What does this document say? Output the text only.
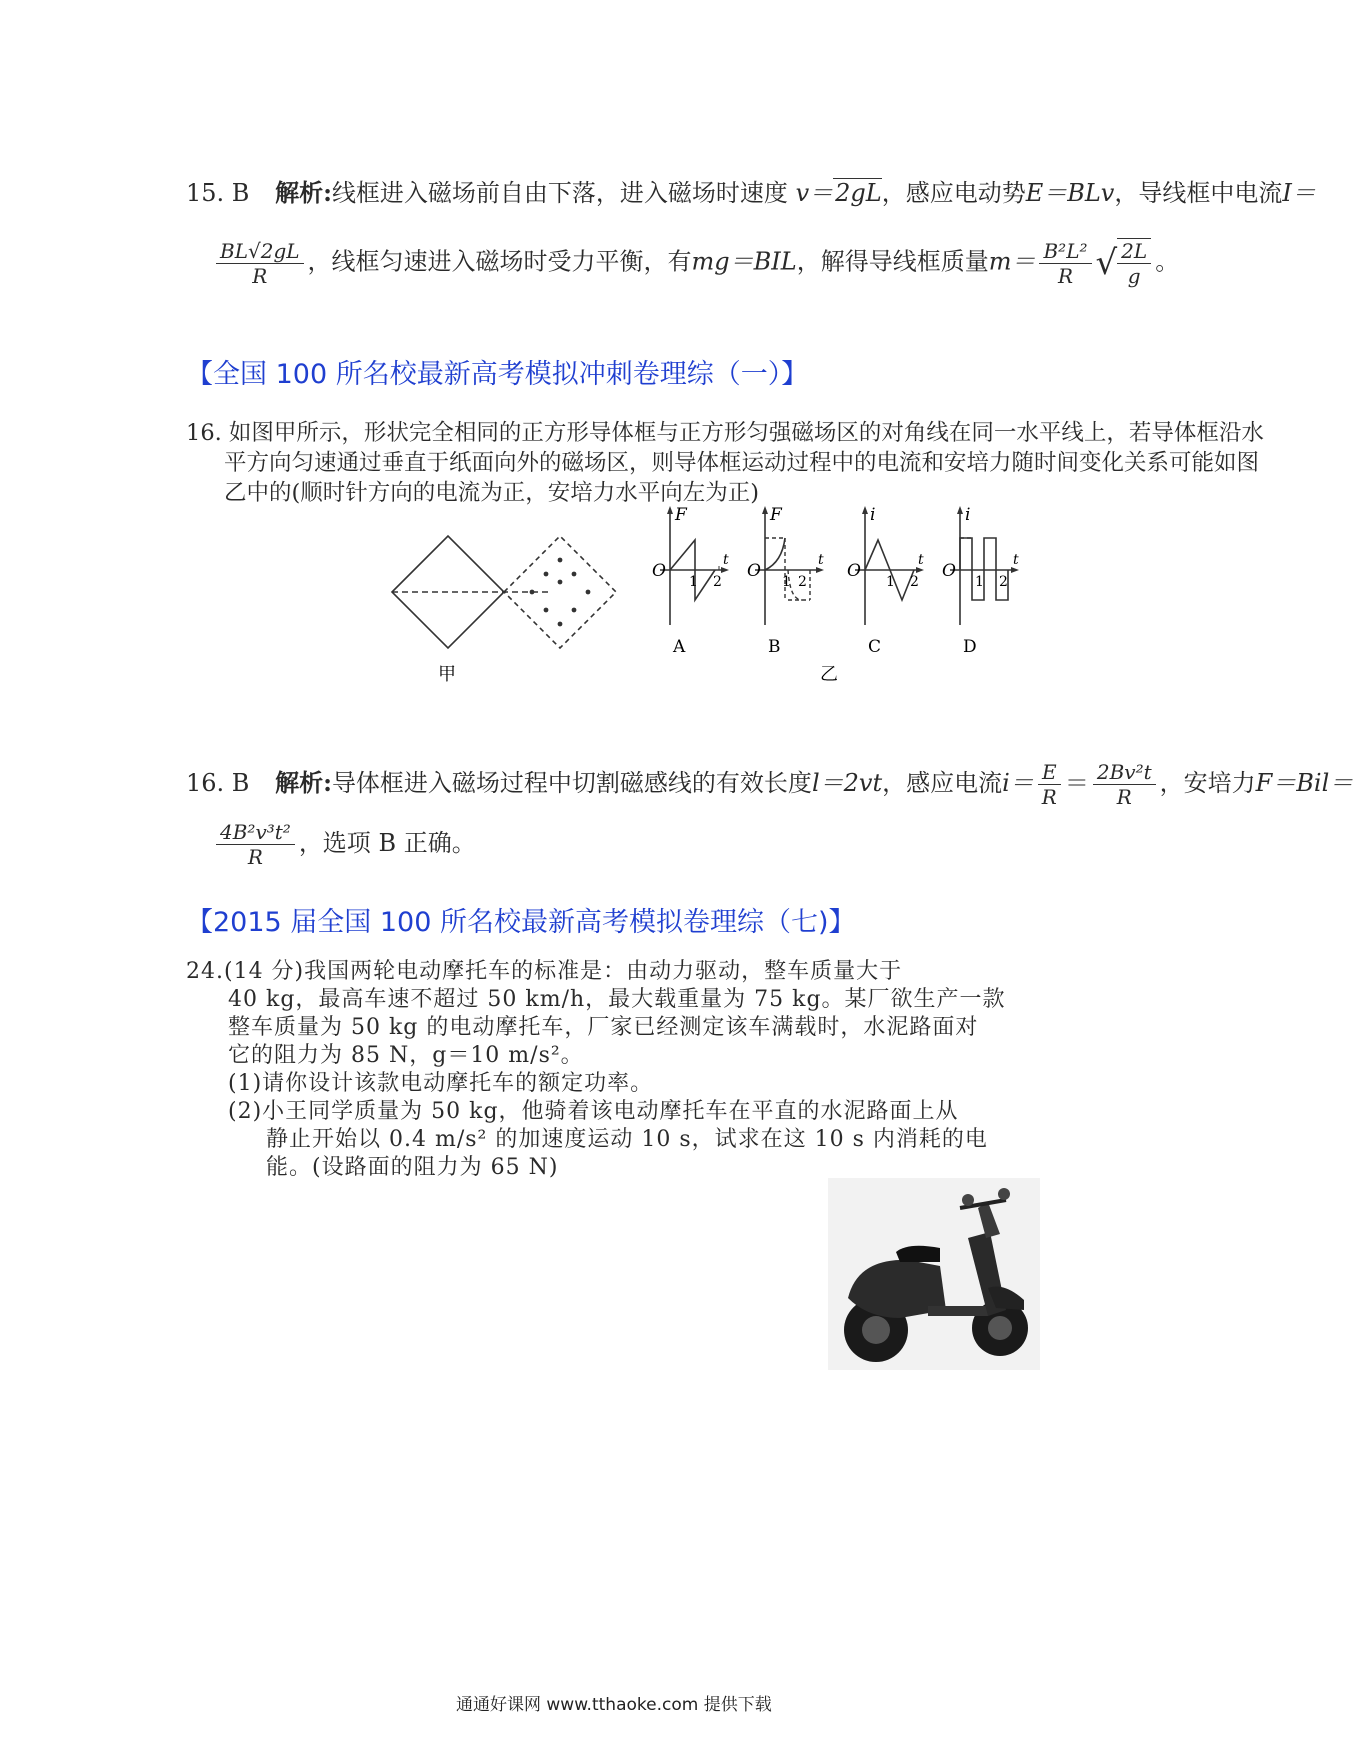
15. B 解析:线框进入磁场前自由下落，进入磁场时速度 v＝2gL，感应电动势E＝BLv，导线框中电流I＝
$\frac{BL√2gL}{R}$ ，线框匀速进入磁场时受力平衡，有mg＝BIL，解得导线框质量$m= \frac{\text{B²L²}}{R}$ √ $\frac{2L}{g}$ 。
【全国 100 所名校最新高考模拟冲刺卷理综（一）】
16. 如图甲所示，形状完全相同的正方形导体框与正方形匀强磁场区的对角线在同一水平线上，若导体框沿水
平方向匀速通过垂直于纸面向外的磁场区，则导体框运动过程中的电流和安培力随时间变化关系可能如图
乙中的(顺时针方向的电流为正，安培力水平向左为正)
F
O
1 2
t
A
F
O
1 2
t
B
i
O
1 2
t
C
i
O
1 2
t
D
甲	乙
16. B 解析:导体框进入磁场过程中切割磁感线的有效长度l＝2vt，感应电流$i= \frac{E}{R} = \frac{\text{2Bv²t}}{R}$ ，安培力F＝Bil＝
$\frac{\text{4B²v³t²}}{R}$ ，选项 B 正确。
【2015 届全国 100 所名校最新高考模拟卷理综（七)】
24.(14 分)我国两轮电动摩托车的标准是：由动力驱动，整车质量大于
40 kg，最高车速不超过 50 km/h，最大载重量为 75 kg。某厂欲生产一款
整车质量为 50 kg 的电动摩托车，厂家已经测定该车满载时，水泥路面对
它的阻力为 85 N，g＝10 m/s²。
(1)请你设计该款电动摩托车的额定功率。
(2)小王同学质量为 50 kg，他骑着该电动摩托车在平直的水泥路面上从
静止开始以 0.4 m/s² 的加速度运动 10 s，试求在这 10 s 内消耗的电
能。(设路面的阻力为 65 N)
通通好课网 www.tthaoke.com 提供下载
